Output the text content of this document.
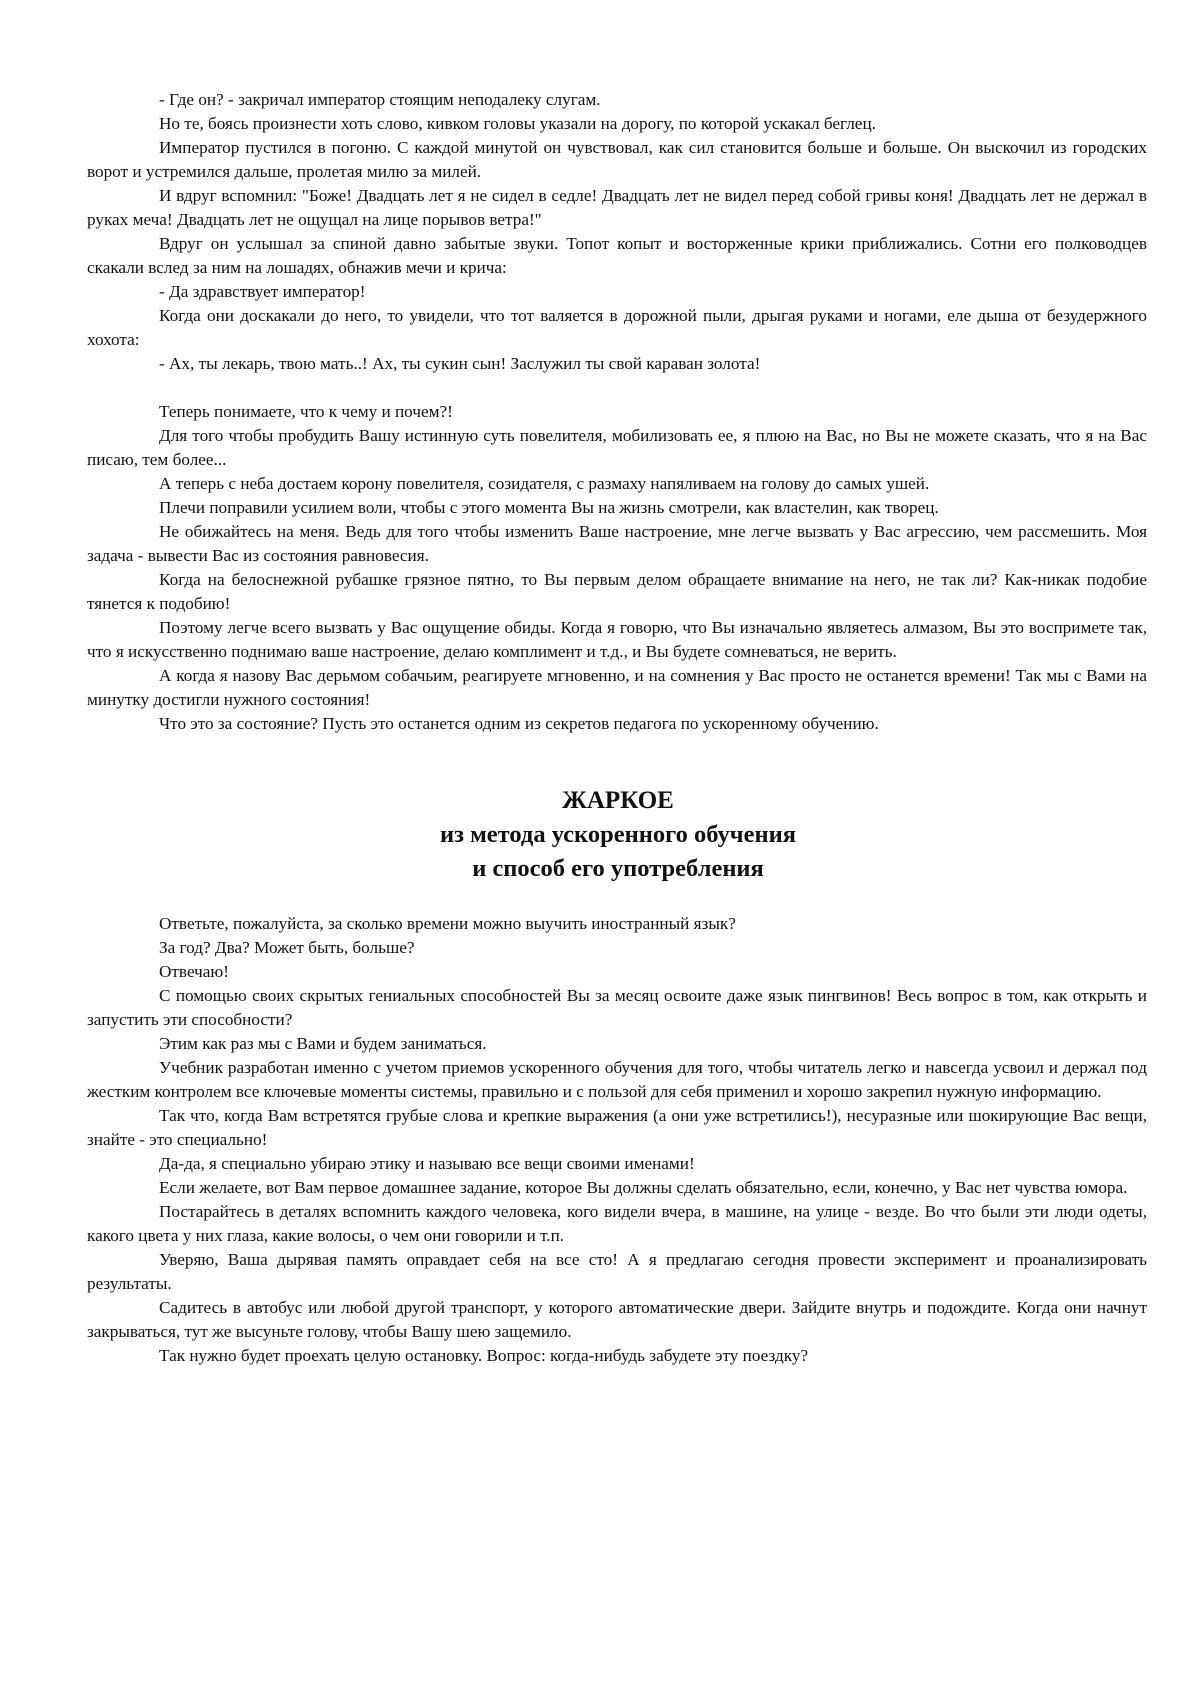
- Где он? - закричал император стоящим неподалеку слугам.

Но те, боясь произнести хоть слово, кивком головы указали на дорогу, по которой ускакал беглец.

Император пустился в погоню. С каждой минутой он чувствовал, как сил становится больше и больше. Он выскочил из городских ворот и устремился дальше, пролетая милю за милей.

И вдруг вспомнил: "Боже! Двадцать лет я не сидел в седле! Двадцать лет не видел перед собой гривы коня! Двадцать лет не держал в руках меча! Двадцать лет не ощущал на лице порывов ветра!"

Вдруг он услышал за спиной давно забытые звуки. Топот копыт и восторженные крики приближались. Сотни его полководцев скакали вслед за ним на лошадях, обнажив мечи и крича:

- Да здравствует император!

Когда они доскакали до него, то увидели, что тот валяется в дорожной пыли, дрыгая руками и ногами, еле дыша от безудержного хохота:

- Ах, ты лекарь, твою мать..! Ах, ты сукин сын! Заслужил ты свой караван золота!

Теперь понимаете, что к чему и почем?!

Для того чтобы пробудить Вашу истинную суть повелителя, мобилизовать ее, я плюю на Вас, но Вы не можете сказать, что я на Вас писаю, тем более...

А теперь с неба достаем корону повелителя, созидателя, с размаху напяливаем на голову до самых ушей.

Плечи поправили усилием воли, чтобы с этого момента Вы на жизнь смотрели, как властелин, как творец.

Не обижайтесь на меня. Ведь для того чтобы изменить Ваше настроение, мне легче вызвать у Вас агрессию, чем рассмешить. Моя задача - вывести Вас из состояния равновесия.

Когда на белоснежной рубашке грязное пятно, то Вы первым делом обращаете внимание на него, не так ли? Как-никак подобие тянется к подобию!

Поэтому легче всего вызвать у Вас ощущение обиды. Когда я говорю, что Вы изначально являетесь алмазом, Вы это воспримете так, что я искусственно поднимаю ваше настроение, делаю комплимент и т.д., и Вы будете сомневаться, не верить.

А когда я назову Вас дерьмом собачьим, реагируете мгновенно, и на сомнения у Вас просто не останется времени! Так мы с Вами на минутку достигли нужного состояния!

Что это за состояние? Пусть это останется одним из секретов педагога по ускоренному обучению.

ЖАРКОЕ
из метода ускоренного обучения
и способ его употребления

Ответьте, пожалуйста, за сколько времени можно выучить иностранный язык?

За год? Два? Может быть, больше?

Отвечаю!

С помощью своих скрытых гениальных способностей Вы за месяц освоите даже язык пингвинов! Весь вопрос в том, как открыть и запустить эти способности?

Этим как раз мы с Вами и будем заниматься.

Учебник разработан именно с учетом приемов ускоренного обучения для того, чтобы читатель легко и навсегда усвоил и держал под жестким контролем все ключевые моменты системы, правильно и с пользой для себя применил и хорошо закрепил нужную информацию.

Так что, когда Вам встретятся грубые слова и крепкие выражения (а они уже встретились!), несуразные или шокирующие Вас вещи, знайте - это специально!

Да-да, я специально убираю этику и называю все вещи своими именами!

Если желаете, вот Вам первое домашнее задание, которое Вы должны сделать обязательно, если, конечно, у Вас нет чувства юмора.

Постарайтесь в деталях вспомнить каждого человека, кого видели вчера, в машине, на улице - везде. Во что были эти люди одеты, какого цвета у них глаза, какие волосы, о чем они говорили и т.п.

Уверяю, Ваша дырявая память оправдает себя на все сто! А я предлагаю сегодня провести эксперимент и проанализировать результаты.

Садитесь в автобус или любой другой транспорт, у которого автоматические двери. Зайдите внутрь и подождите. Когда они начнут закрываться, тут же высуньте голову, чтобы Вашу шею защемило.

Так нужно будет проехать целую остановку. Вопрос: когда-нибудь забудете эту поездку?
